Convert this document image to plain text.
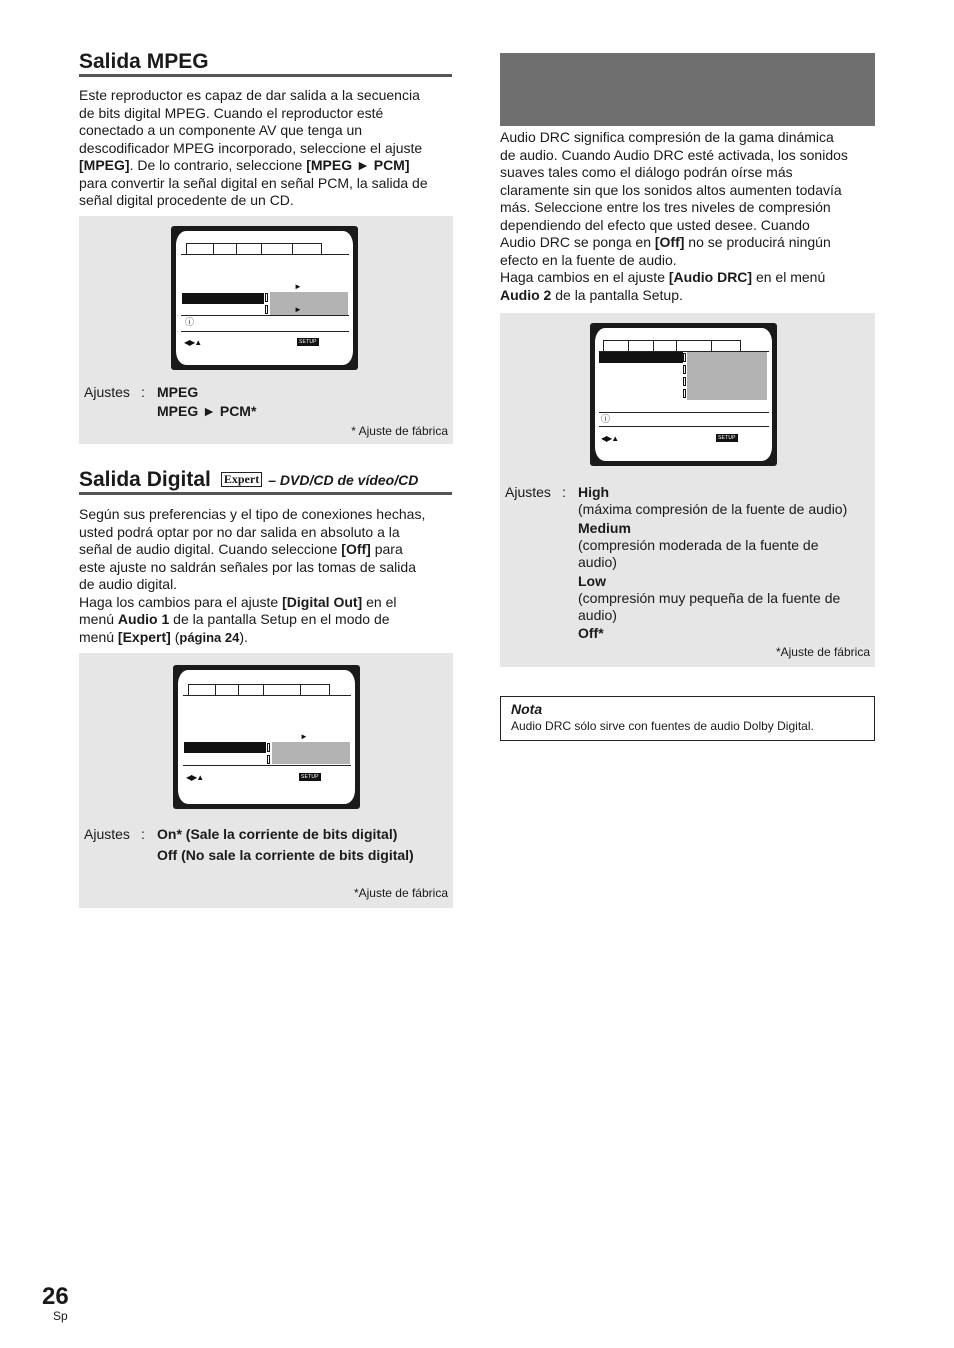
Salida MPEG
Este reproductor es capaz de dar salida a la secuencia
de bits digital MPEG. Cuando el reproductor esté
conectado a un componente AV que tenga un
descodificador MPEG incorporado, seleccione el ajuste
[MPEG]. De lo contrario, seleccione [MPEG ► PCM]
para convertir la señal digital en señal PCM, la salida de
señal digital procedente de un CD.
►
►
ⓘ
◀▶▲	SETUP
Ajustes : MPEG
MPEG ► PCM*
* Ajuste de fábrica
Salida Digital Expert – DVD/CD de vídeo/CD
Según sus preferencias y el tipo de conexiones hechas,
usted podrá optar por no dar salida en absoluto a la
señal de audio digital. Cuando seleccione [Off] para
este ajuste no saldrán señales por las tomas de salida
de audio digital.
Haga los cambios para el ajuste [Digital Out] en el
menú Audio 1 de la pantalla Setup en el modo de
menú [Expert] (página 24).
►
◀▶▲	SETUP
Ajustes : On* (Sale la corriente de bits digital)
Off (No sale la corriente de bits digital)
*Ajuste de fábrica
Audio DRC significa compresión de la gama dinámica
de audio. Cuando Audio DRC esté activada, los sonidos
suaves tales como el diálogo podrán oírse más
claramente sin que los sonidos altos aumenten todavía
más. Seleccione entre los tres niveles de compresión
dependiendo del efecto que usted desee. Cuando
Audio DRC se ponga en [Off] no se producirá ningún
efecto en la fuente de audio.
Haga cambios en el ajuste [Audio DRC] en el menú
Audio 2 de la pantalla Setup.
ⓘ
◀▶▲	SETUP
Ajustes : High
(máxima compresión de la fuente de audio)
Medium
(compresión moderada de la fuente de
audio)
Low
(compresión muy pequeña de la fuente de
audio)
Off*
*Ajuste de fábrica
Nota
Audio DRC sólo sirve con fuentes de audio Dolby Digital.
26
Sp
